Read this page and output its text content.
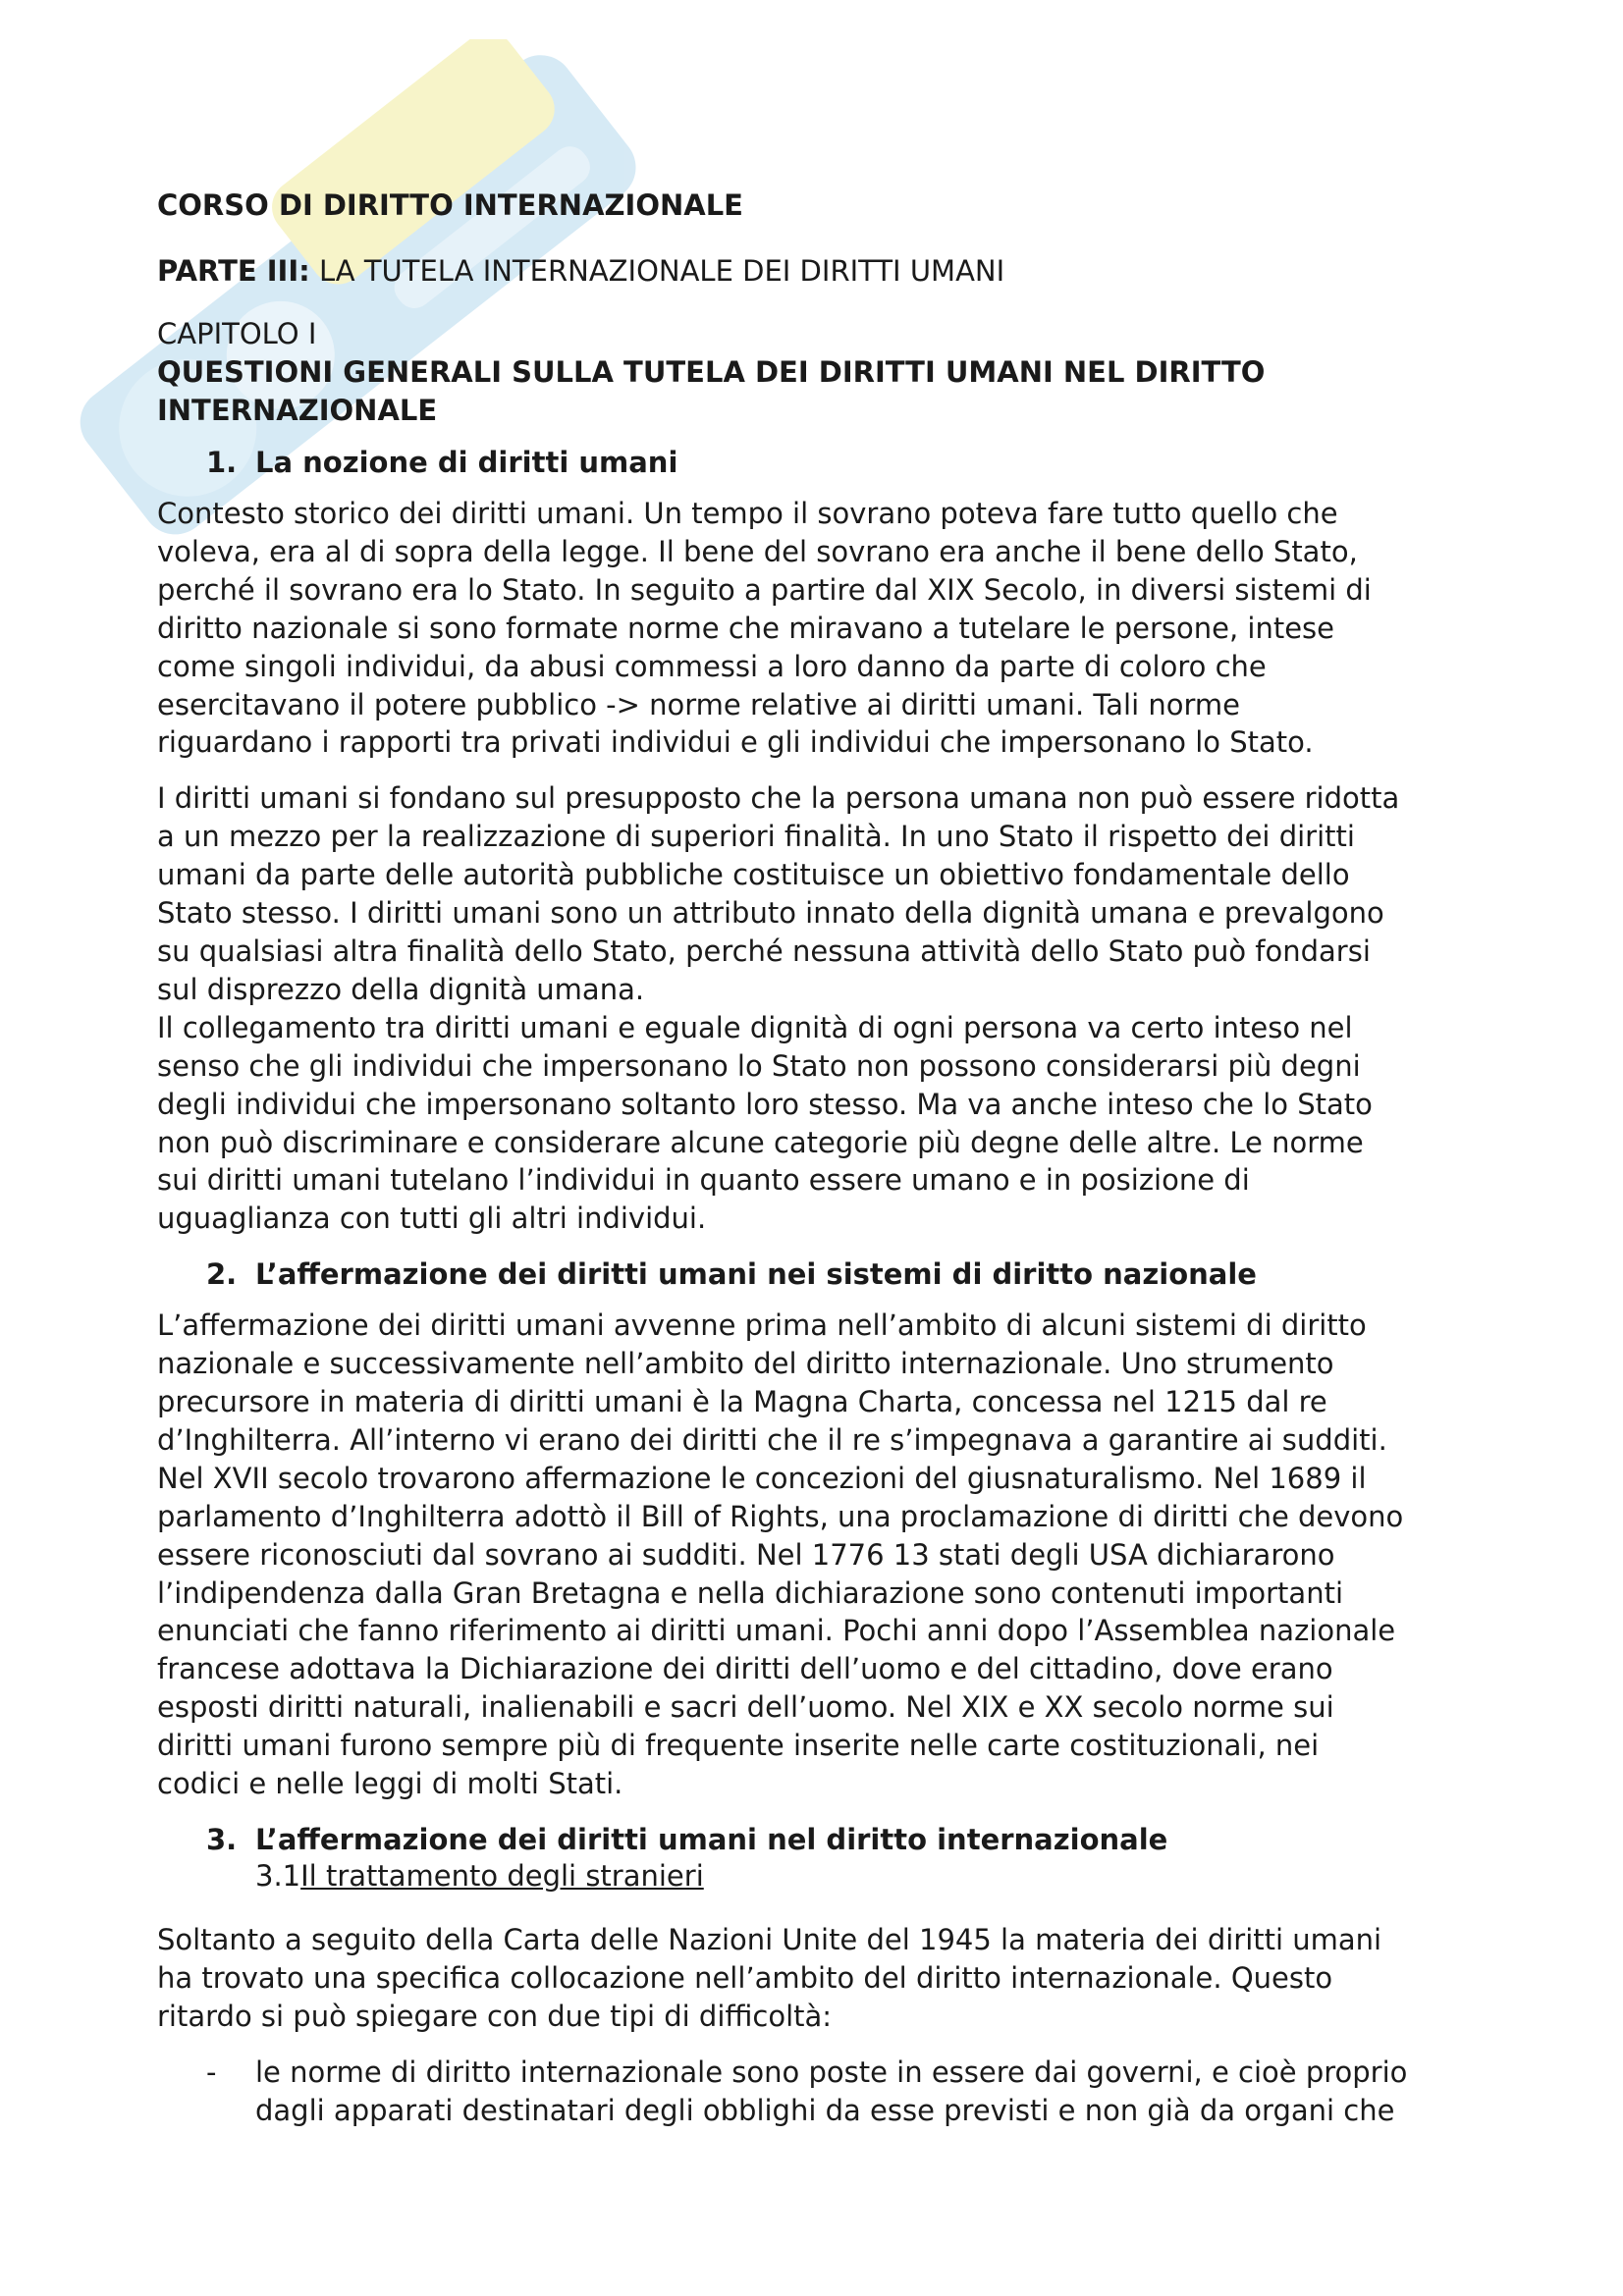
CORSO DI DIRITTO INTERNAZIONALE
PARTE III: LA TUTELA INTERNAZIONALE DEI DIRITTI UMANI
CAPITOLO I
QUESTIONI GENERALI SULLA TUTELA DEI DIRITTI UMANI NEL DIRITTO
INTERNAZIONALE
1. La nozione di diritti umani
Contesto storico dei diritti umani. Un tempo il sovrano poteva fare tutto quello che
voleva, era al di sopra della legge. Il bene del sovrano era anche il bene dello Stato,
perché il sovrano era lo Stato. In seguito a partire dal XIX Secolo, in diversi sistemi di
diritto nazionale si sono formate norme che miravano a tutelare le persone, intese
come singoli individui, da abusi commessi a loro danno da parte di coloro che
esercitavano il potere pubblico -> norme relative ai diritti umani. Tali norme
riguardano i rapporti tra privati individui e gli individui che impersonano lo Stato.
I diritti umani si fondano sul presupposto che la persona umana non può essere ridotta
a un mezzo per la realizzazione di superiori finalità. In uno Stato il rispetto dei diritti
umani da parte delle autorità pubbliche costituisce un obiettivo fondamentale dello
Stato stesso. I diritti umani sono un attributo innato della dignità umana e prevalgono
su qualsiasi altra finalità dello Stato, perché nessuna attività dello Stato può fondarsi
sul disprezzo della dignità umana.
Il collegamento tra diritti umani e eguale dignità di ogni persona va certo inteso nel
senso che gli individui che impersonano lo Stato non possono considerarsi più degni
degli individui che impersonano soltanto loro stesso. Ma va anche inteso che lo Stato
non può discriminare e considerare alcune categorie più degne delle altre. Le norme
sui diritti umani tutelano l’individui in quanto essere umano e in posizione di
uguaglianza con tutti gli altri individui.
2. L’affermazione dei diritti umani nei sistemi di diritto nazionale
L’affermazione dei diritti umani avvenne prima nell’ambito di alcuni sistemi di diritto
nazionale e successivamente nell’ambito del diritto internazionale. Uno strumento
precursore in materia di diritti umani è la Magna Charta, concessa nel 1215 dal re
d’Inghilterra. All’interno vi erano dei diritti che il re s’impegnava a garantire ai sudditi.
Nel XVII secolo trovarono affermazione le concezioni del giusnaturalismo. Nel 1689 il
parlamento d’Inghilterra adottò il Bill of Rights, una proclamazione di diritti che devono
essere riconosciuti dal sovrano ai sudditi. Nel 1776 13 stati degli USA dichiararono
l’indipendenza dalla Gran Bretagna e nella dichiarazione sono contenuti importanti
enunciati che fanno riferimento ai diritti umani. Pochi anni dopo l’Assemblea nazionale
francese adottava la Dichiarazione dei diritti dell’uomo e del cittadino, dove erano
esposti diritti naturali, inalienabili e sacri dell’uomo. Nel XIX e XX secolo norme sui
diritti umani furono sempre più di frequente inserite nelle carte costituzionali, nei
codici e nelle leggi di molti Stati.
3. L’affermazione dei diritti umani nel diritto internazionale
3.1Il trattamento degli stranieri
Soltanto a seguito della Carta delle Nazioni Unite del 1945 la materia dei diritti umani
ha trovato una specifica collocazione nell’ambito del diritto internazionale. Questo
ritardo si può spiegare con due tipi di difficoltà:
-	le norme di diritto internazionale sono poste in essere dai governi, e cioè proprio
dagli apparati destinatari degli obblighi da esse previsti e non già da organi che
